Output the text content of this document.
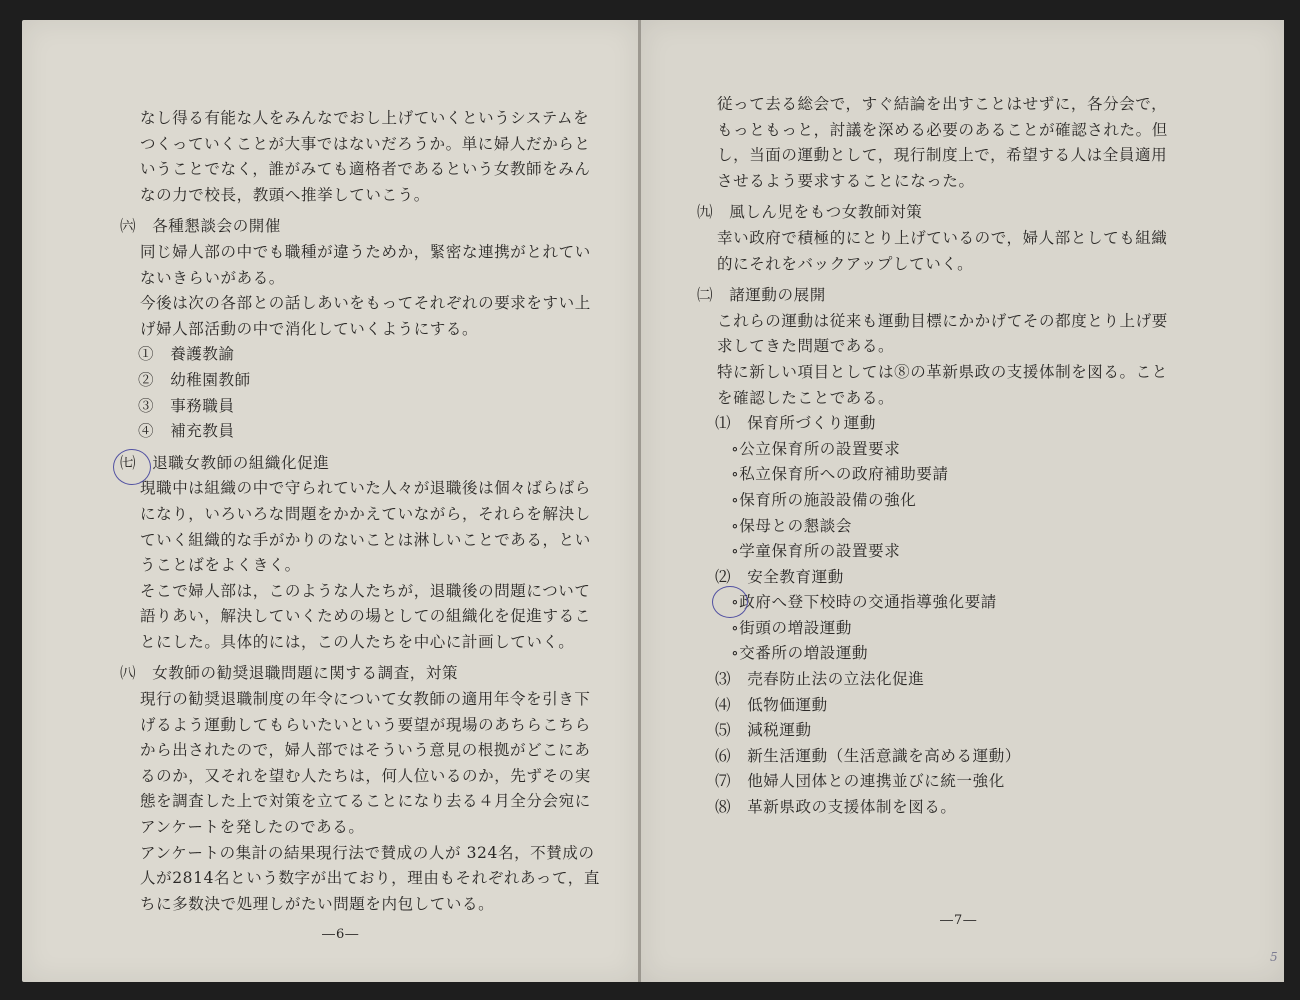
なし得る有能な人をみんなでおし上げていくというシステムを
つくっていくことが大事ではないだろうか。単に婦人だからと
いうことでなく，誰がみても適格者であるという女教師をみん
なの力で校長，教頭へ推挙していこう。
㈥　各種懇談会の開催
同じ婦人部の中でも職種が違うためか，緊密な連携がとれてい
ないきらいがある。
今後は次の各部との話しあいをもってそれぞれの要求をすい上
げ婦人部活動の中で消化していくようにする。
①　養護教諭
②　幼稚園教師
③　事務職員
④　補充教員
㈦　退職女教師の組織化促進
現職中は組織の中で守られていた人々が退職後は個々ばらばら
になり，いろいろな問題をかかえていながら，それらを解決し
ていく組織的な手がかりのないことは淋しいことである，とい
うことばをよくきく。
そこで婦人部は，このような人たちが，退職後の問題について
語りあい，解決していくための場としての組織化を促進するこ
とにした。具体的には，この人たちを中心に計画していく。
㈧　女教師の勧奨退職問題に関する調査，対策
現行の勧奨退職制度の年令について女教師の適用年令を引き下
げるよう運動してもらいたいという要望が現場のあちらこちら
から出されたので，婦人部ではそういう意見の根拠がどこにあ
るのか，又それを望む人たちは，何人位いるのか，先ずその実
態を調査した上で対策を立てることになり去る４月全分会宛に
アンケートを発したのである。
アンケートの集計の結果現行法で賛成の人が 324名，不賛成の
人が2814名という数字が出ており，理由もそれぞれあって，直
ちに多数決で処理しがたい問題を内包している。
従って去る総会で，すぐ結論を出すことはせずに，各分会で，
もっともっと，討議を深める必要のあることが確認された。但
し，当面の運動として，現行制度上で，希望する人は全員適用
させるよう要求することになった。
㈨　風しん児をもつ女教師対策
幸い政府で積極的にとり上げているので，婦人部としても組織
的にそれをバックアップしていく。
㈡　諸運動の展開
これらの運動は従来も運動目標にかかげてその都度とり上げ要
求してきた問題である。
特に新しい項目としては⑧の革新県政の支援体制を図る。こと
を確認したことである。
⑴　保育所づくり運動
　∘公立保育所の設置要求
　∘私立保育所への政府補助要請
　∘保育所の施設設備の強化
　∘保母との懇談会
　∘学童保育所の設置要求
⑵　安全教育運動
　∘政府へ登下校時の交通指導強化要請
　∘街頭の増設運動
　∘交番所の増設運動
⑶　売春防止法の立法化促進
⑷　低物価運動
⑸　減税運動
⑹　新生活運動（生活意識を高める運動）
⑺　他婦人団体との連携並びに統一強化
⑻　革新県政の支援体制を図る。
―6―
―7―
5
